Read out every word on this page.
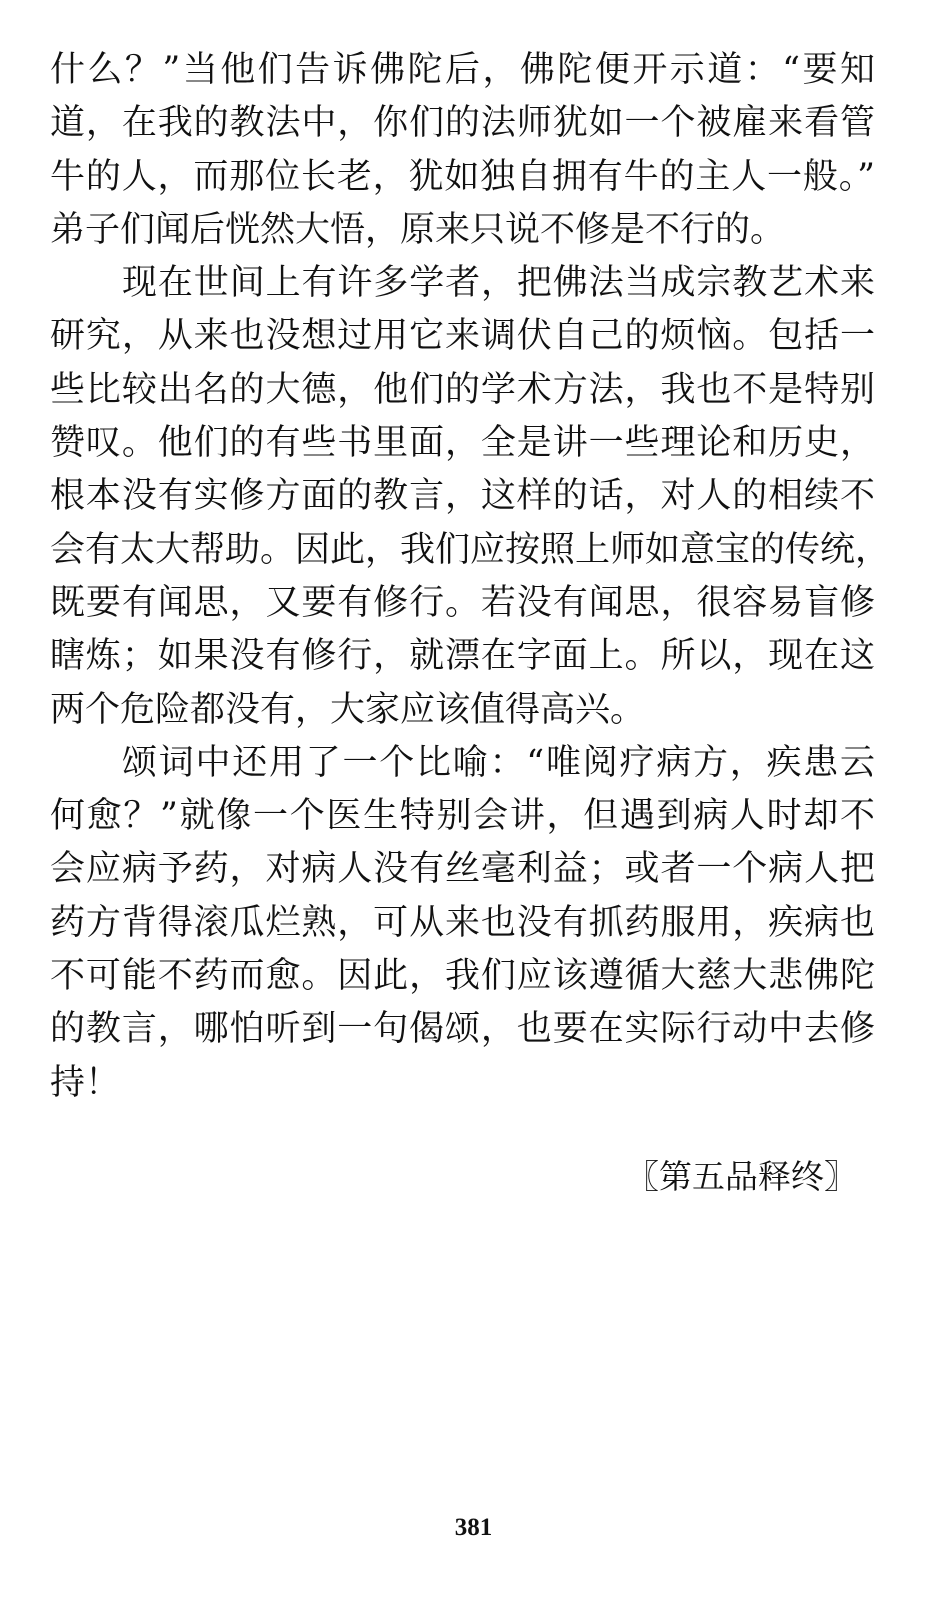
什么？”当他们告诉佛陀后，佛陀便开示道：“要知
道，在我的教法中，你们的法师犹如一个被雇来看管
牛的人，而那位长老，犹如独自拥有牛的主人一般。”
弟子们闻后恍然大悟，原来只说不修是不行的。
现在世间上有许多学者，把佛法当成宗教艺术来
研究，从来也没想过用它来调伏自己的烦恼。包括一
些比较出名的大德，他们的学术方法，我也不是特别
赞叹。他们的有些书里面，全是讲一些理论和历史，
根本没有实修方面的教言，这样的话，对人的相续不
会有太大帮助。因此，我们应按照上师如意宝的传统，
既要有闻思，又要有修行。若没有闻思，很容易盲修
瞎炼；如果没有修行，就漂在字面上。所以，现在这
两个危险都没有，大家应该值得高兴。
颂词中还用了一个比喻：“唯阅疗病方，疾患云
何愈？”就像一个医生特别会讲，但遇到病人时却不
会应病予药，对病人没有丝毫利益；或者一个病人把
药方背得滚瓜烂熟，可从来也没有抓药服用，疾病也
不可能不药而愈。因此，我们应该遵循大慈大悲佛陀
的教言，哪怕听到一句偈颂，也要在实际行动中去修
持！
〖第五品释终〗
381
